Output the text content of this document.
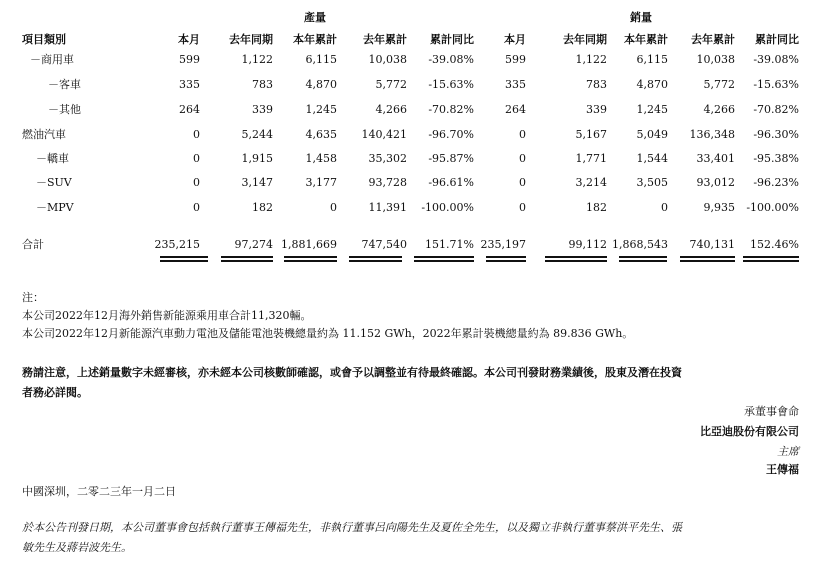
產量	銷量
項目類別	本月	去年同期 本年累計 去年累計 累計同比	本月	去年同期 本年累計 去年累計 累計同比
－商用車	599	1,122	6,115	10,038 -39.08%	599	1,122	6,115	10,038 -39.08%
－客車	335	783	4,870	5,772 -15.63%	335	783	4,870	5,772 -15.63%
－其他	264	339	1,245	4,266 -70.82%	264	339	1,245	4,266 -70.82%
燃油汽車	0	5,244	4,635 140,421 -96.70%	0	5,167	5,049 136,348 -96.30%
－轎車	0	1,915	1,458	35,302 -95.87%	0	1,771	1,544	33,401 -95.38%
－SUV	0	3,147	3,177	93,728 -96.61%	0	3,214	3,505	93,012 -96.23%
－MPV	0	182	0	11,391 -100.00%	0	182	0	9,935 -100.00%
合計	235,215	97,274 1,881,669 747,540 151.71% 235,197	99,112 1,868,543 740,131 152.46%
注：
本公司2022年12月海外銷售新能源乘用車合計11,320輛。
本公司2022年12月新能源汽車動力電池及儲能電池裝機總量約為 11.152 GWh，2022年累計裝機總量約為 89.836 GWh。
務請注意，上述銷量數字未經審核，亦未經本公司核數師確認，或會予以調整並有待最終確認。本公司刊發財務業績後，股東及潛在投資
者務必詳閱。
承董事會命
比亞迪股份有限公司
主席
王傳福
中國深圳，二零二三年一月二日
於本公告刊發日期，本公司董事會包括執行董事王傳福先生，非執行董事呂向陽先生及夏佐全先生，以及獨立非執行董事蔡洪平先生、張
敏先生及蔣岩波先生。
